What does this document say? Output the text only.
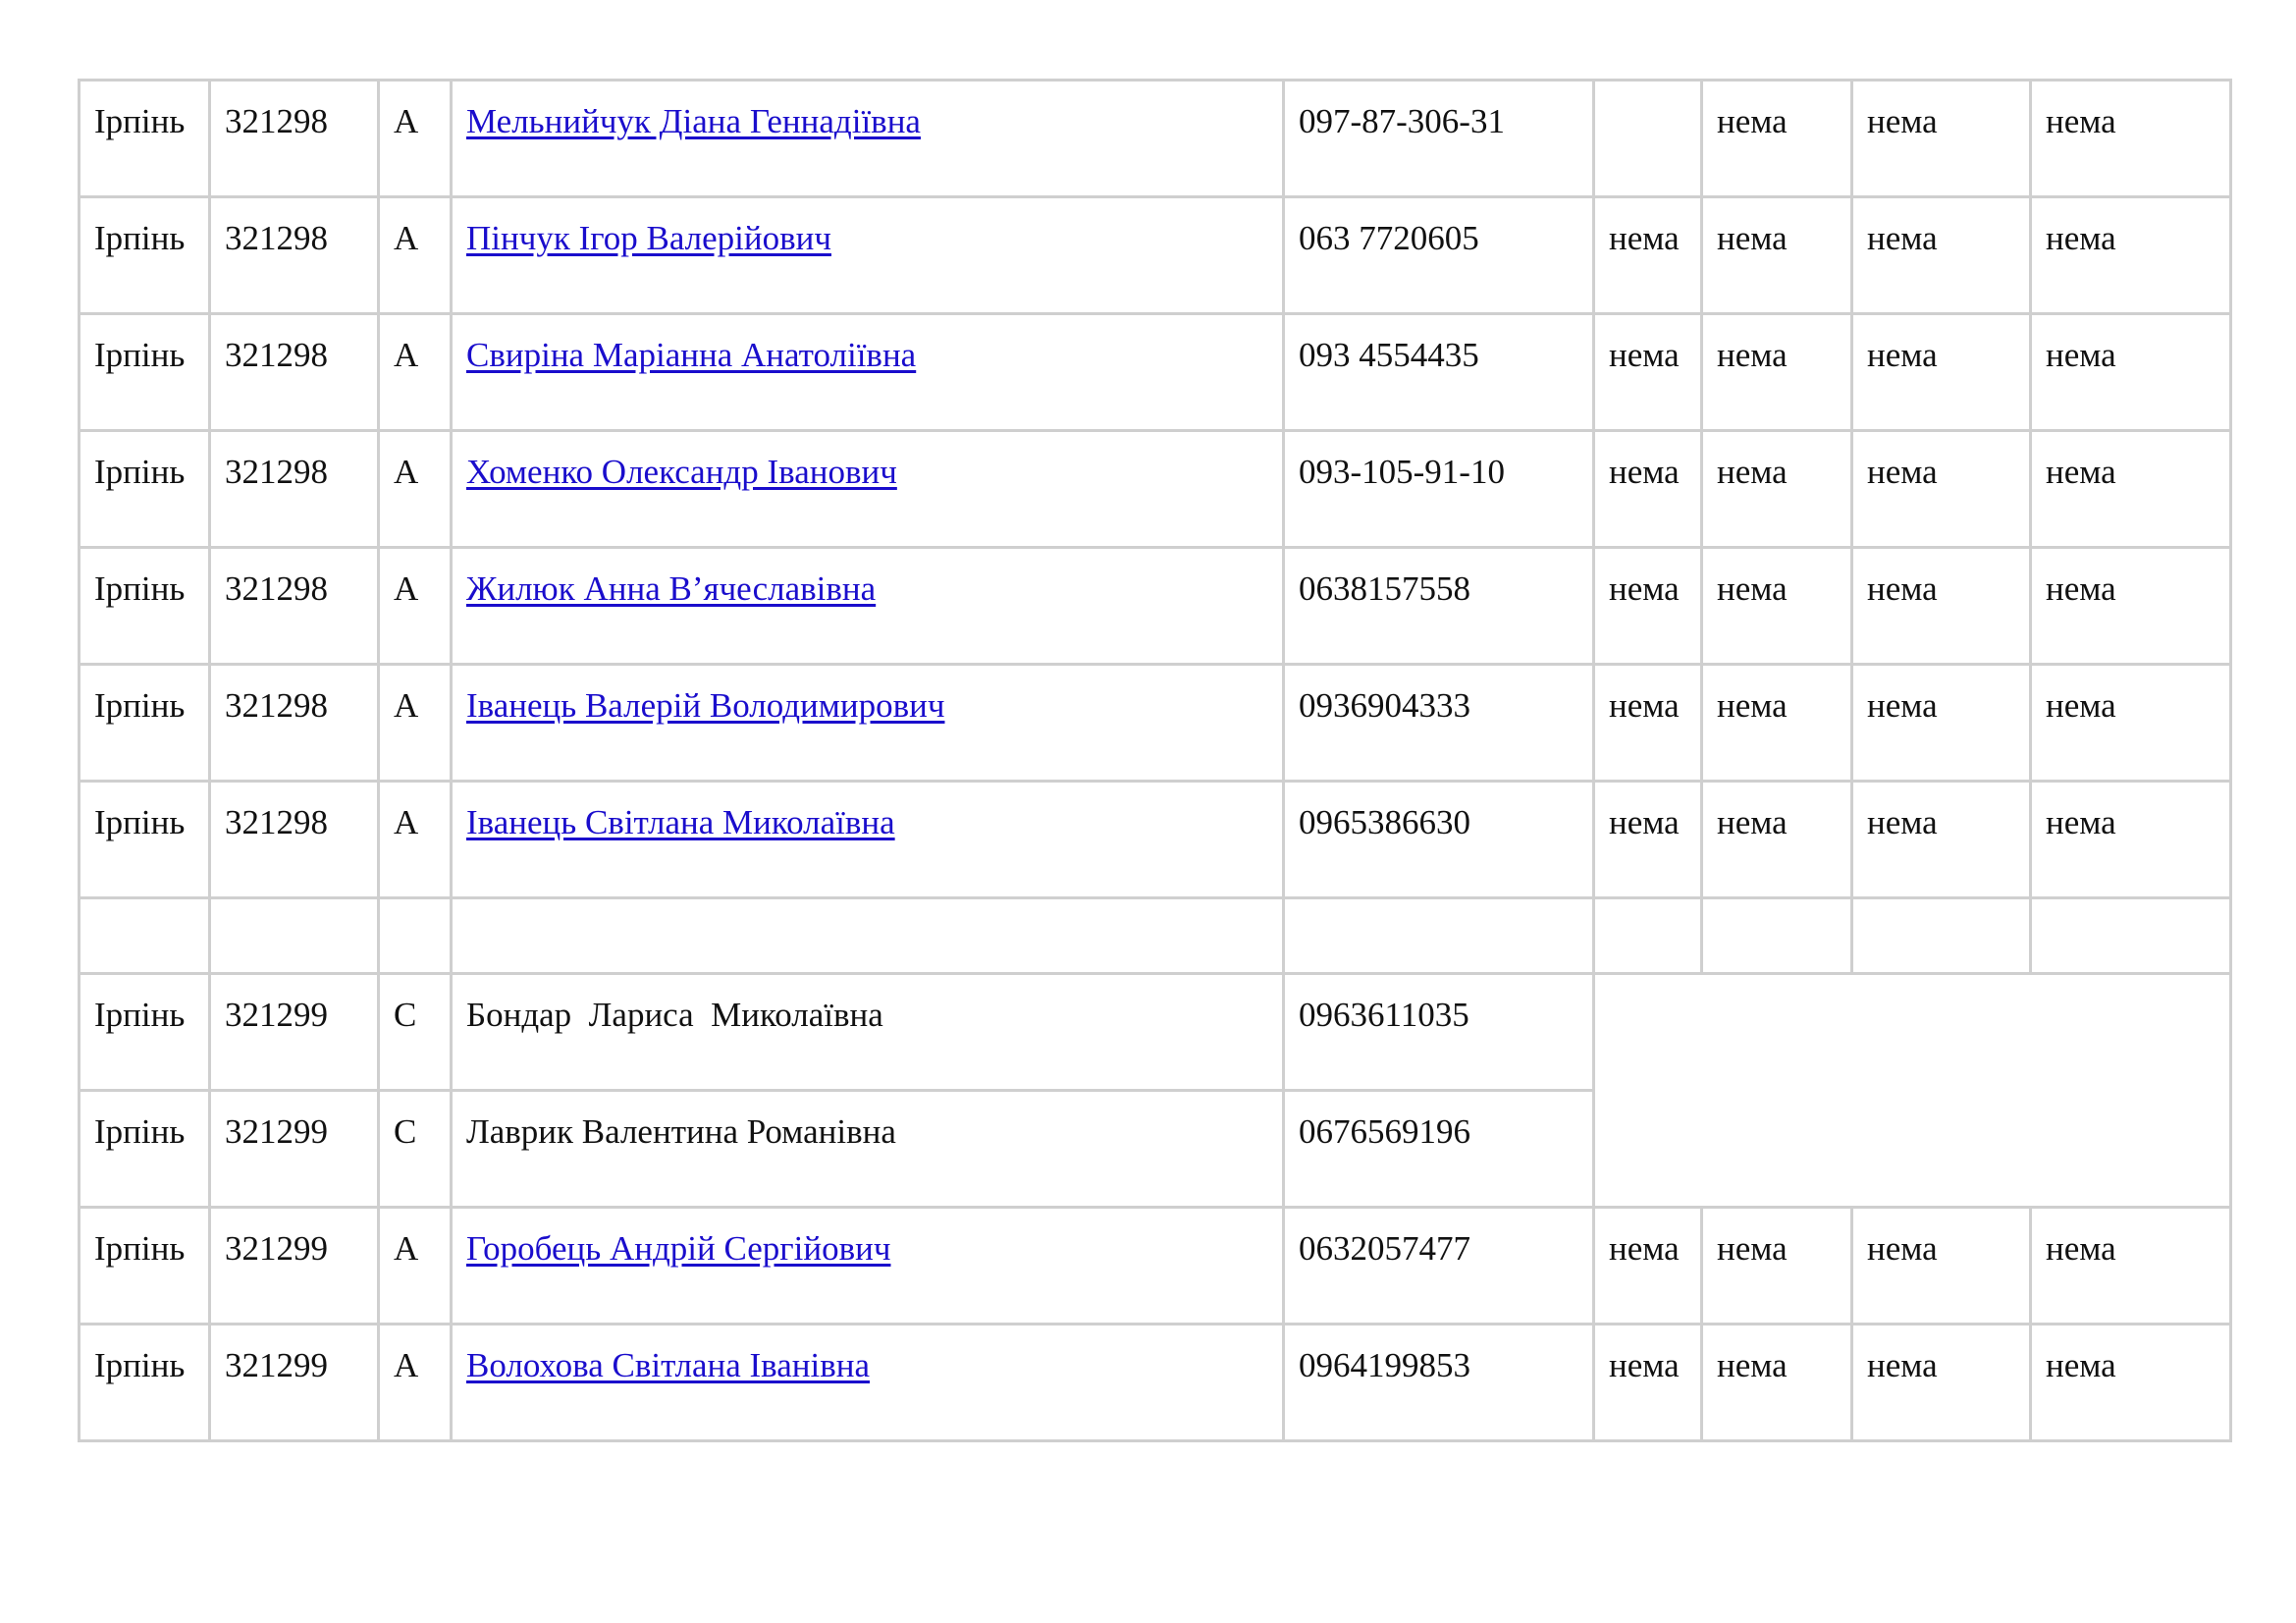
Ірпінь	321298	А	Мельнийчук Діана Геннадіївна	097-87-306-31		нема	нема	нема

Ірпінь	321298	А	Пінчук Ігор Валерійович	063 7720605	нема	нема	нема	нема

Ірпінь	321298	А	Свиріна Маріанна Анатоліївна	093 4554435	нема	нема	нема	нема

Ірпінь	321298	А	Хоменко Олександр Іванович	093-105-91-10	нема	нема	нема	нема

Ірпінь	321298	А	Жилюк Анна В’ячеславівна	0638157558	нема	нема	нема	нема

Ірпінь	321298	А	Іванець Валерій Володимирович	0936904333	нема	нема	нема	нема

Ірпінь	321298	А	Іванець Світлана Миколаївна	0965386630	нема	нема	нема	нема

Ірпінь	321299	С	Бондар  Лариса  Миколаївна	0963611035				

Ірпінь	321299	С	Лаврик Валентина Романівна	0676569196				

Ірпінь	321299	А	Горобець Андрій Сергійович	0632057477	нема	нема	нема	нема

Ірпінь	321299	А	Волохова Світлана Іванівна	0964199853	нема	нема	нема	нема
